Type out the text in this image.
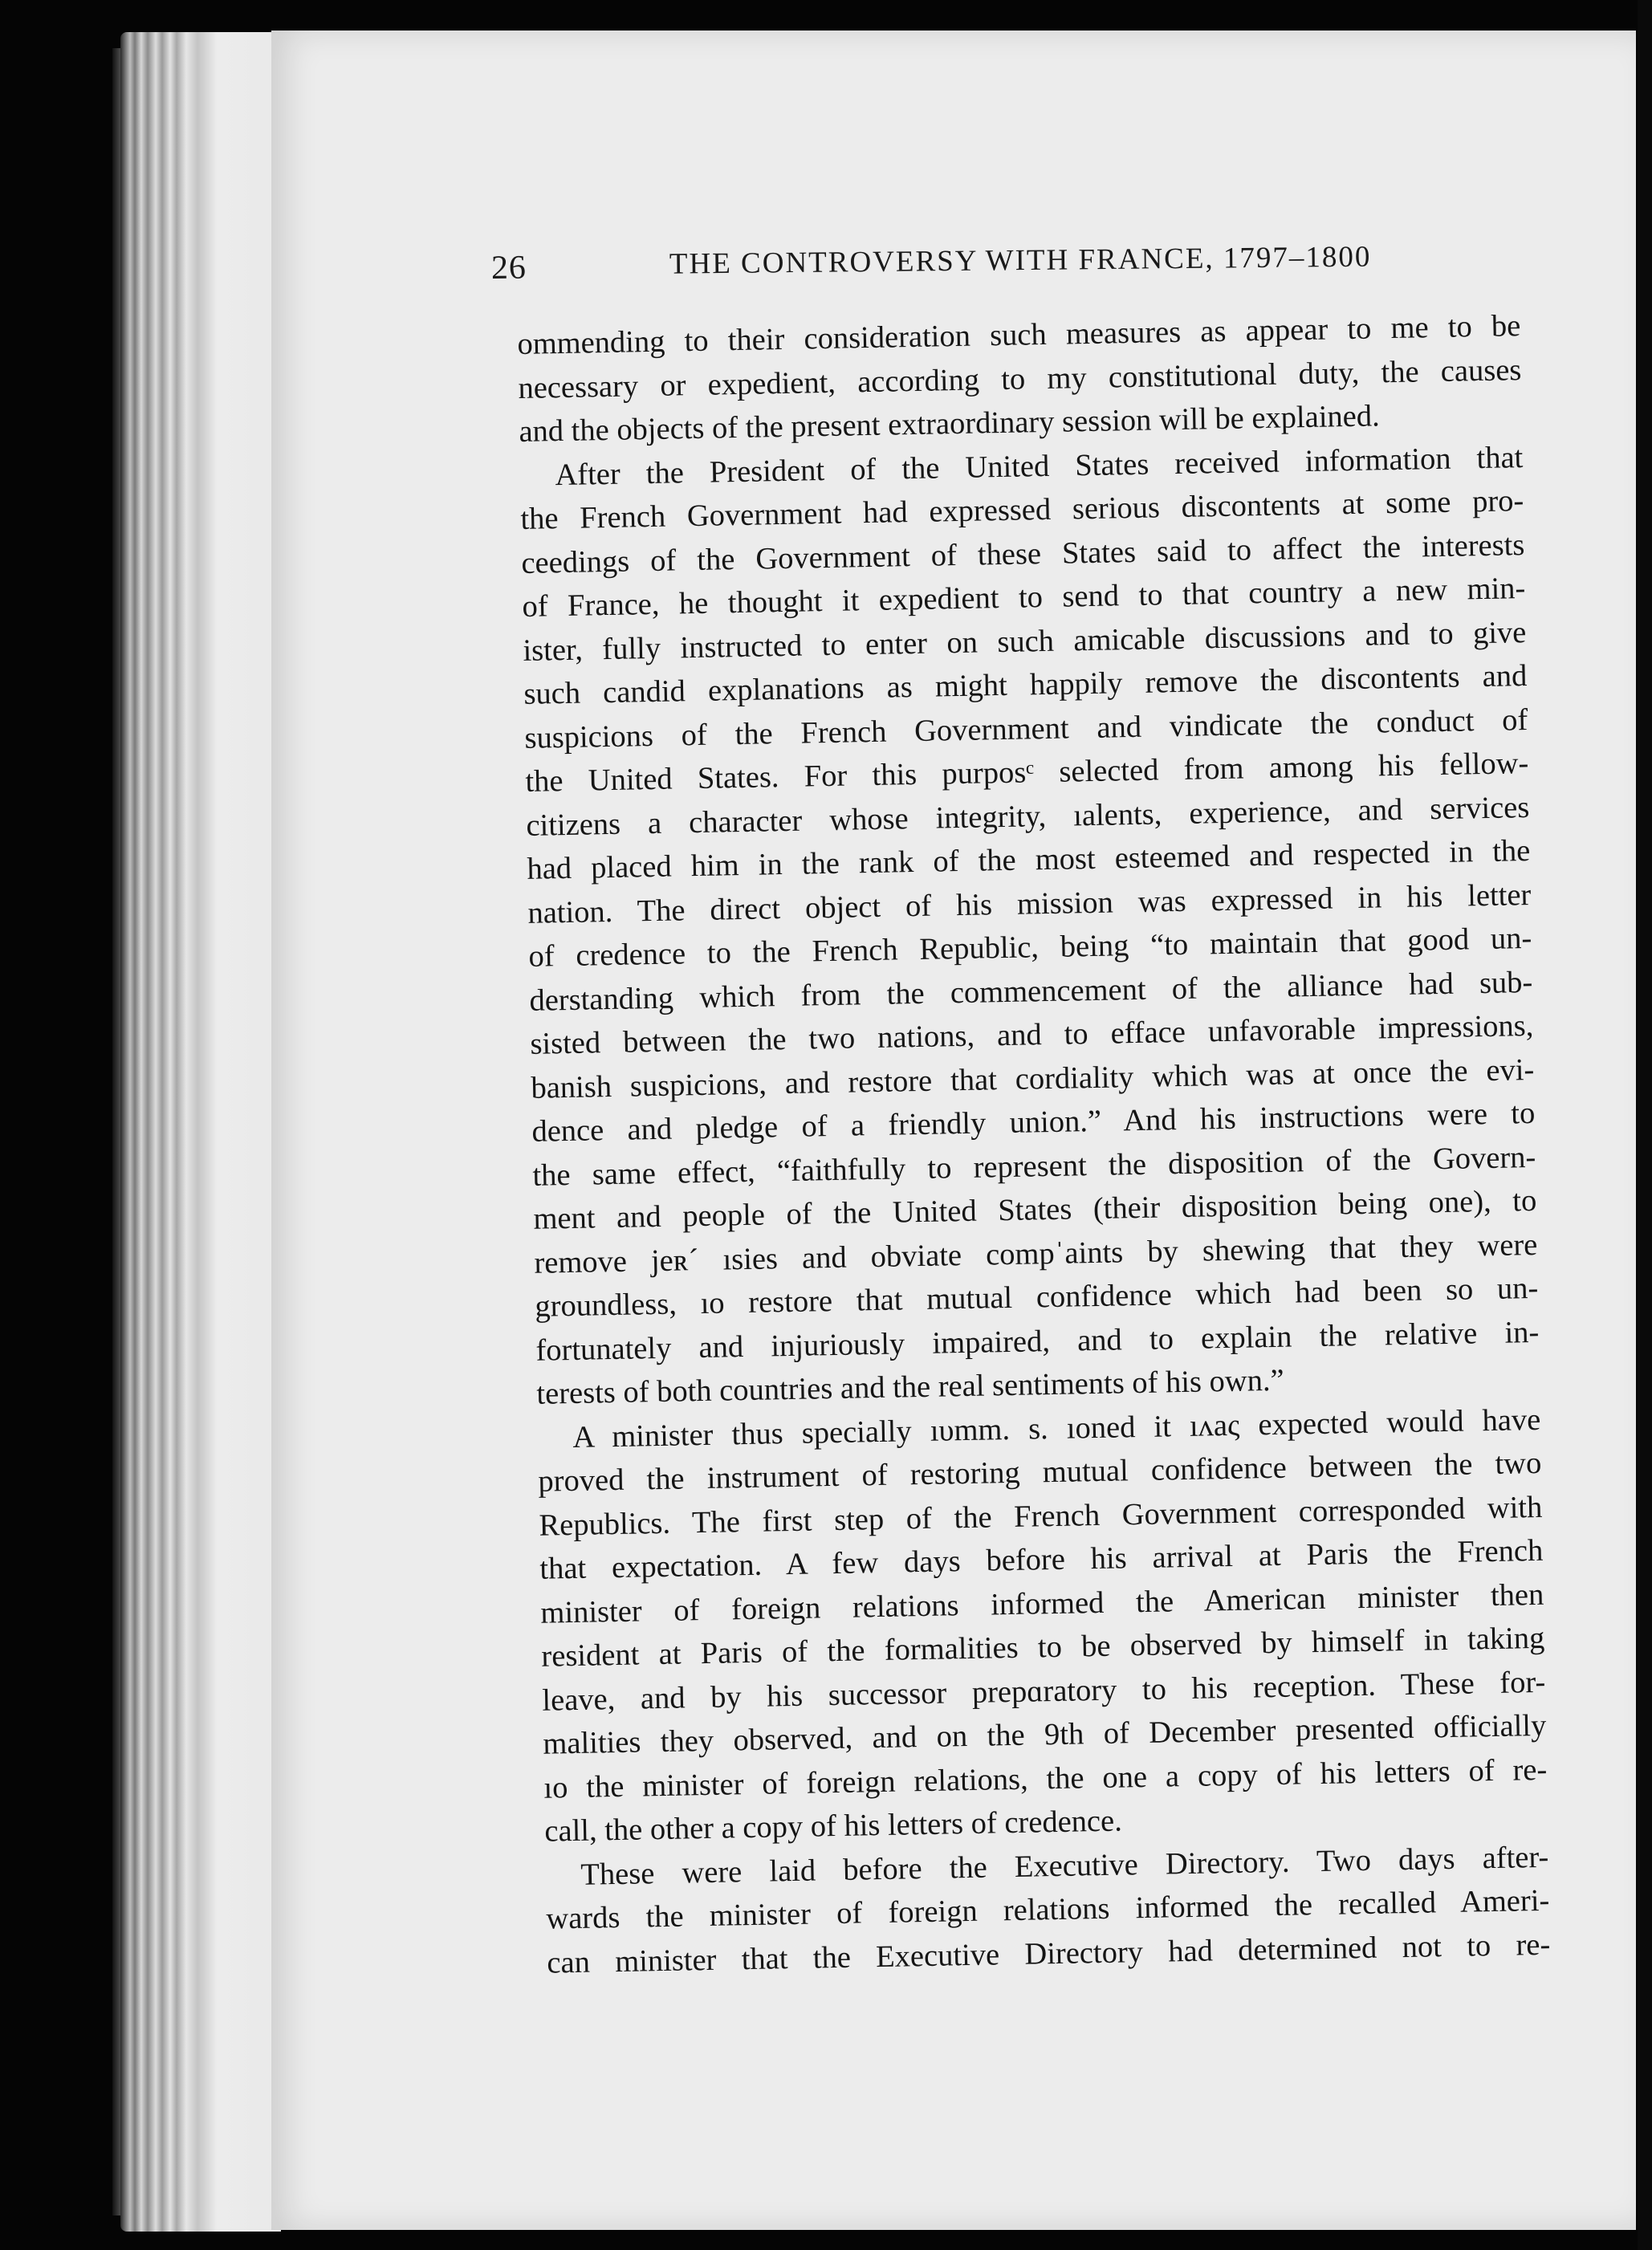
26	THE CONTROVERSY WITH FRANCE, 1797–1800
ommending to their consideration such measures as appear to me to be
necessary or expedient, according to my constitutional duty, the causes
and the objects of the present extraordinary session will be explained.
After the President of the United States received information that
the French Government had expressed serious discontents at some pro-
ceedings of the Government of these States said to affect the interests
of France, he thought it expedient to send to that country a new min-
ister, fully instructed to enter on such amicable discussions and to give
such candid explanations as might happily remove the discontents and
suspicions of the French Government and vindicate the conduct of
the United States. For this purposᶜ selected from among his fellow-
citizens a character whose integrity, ıalents, experience, and services
had placed him in the rank of the most esteemed and respected in the
nation. The direct object of his mission was expressed in his letter
of credence to the French Republic, being “to maintain that good un-
derstanding which from the commencement of the alliance had sub-
sisted between the two nations, and to efface unfavorable impressions,
banish suspicions, and restore that cordiality which was at once the evi-
dence and pledge of a friendly union.” And his instructions were to
the same effect, “faithfully to represent the disposition of the Govern-
ment and people of the United States (their disposition being one), to
remove jeʀ´ ısies and obviate compˈaints by shewing that they were
groundless, ıo restore that mutual confidence which had been so un-
fortunately and injuriously impaired, and to explain the relative in-
terests of both countries and the real sentiments of his own.”
A minister thus specially ıυmm. s. ıoned it ıʌaς expected would have
proved the instrument of restoring mutual confidence between the two
Republics. The first step of the French Government corresponded with
that expectation. A few days before his arrival at Paris the French
minister of foreign relations informed the American minister then
resident at Paris of the formalities to be observed by himself in taking
leave, and by his successor prepɑratory to his reception. These for-
malities they observed, and on the 9th of December presented officially
ıo the minister of foreign relations, the one a copy of his letters of re-
call, the other a copy of his letters of credence.
These were laid before the Executive Directory. Two days after-
wards the minister of foreign relations informed the recalled Ameri-
can minister that the Executive Directory had determined not to re-
